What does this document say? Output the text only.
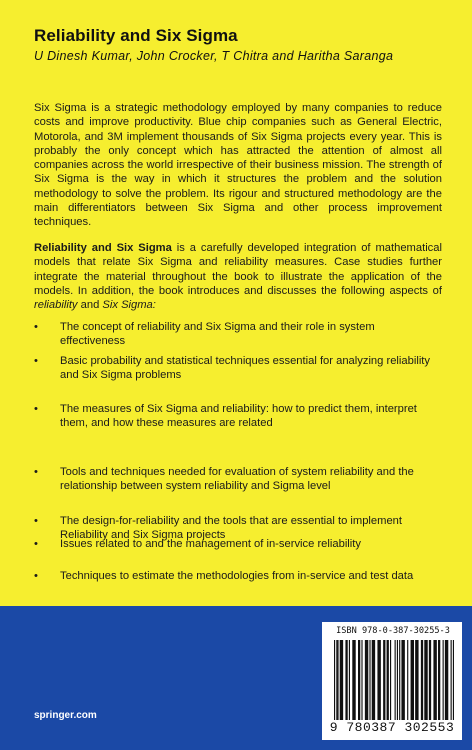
Reliability and Six Sigma
U Dinesh Kumar, John Crocker, T Chitra and Haritha Saranga

Six Sigma is a strategic methodology employed by many companies to reduce costs and improve productivity. Blue chip companies such as General Electric, Motorola, and 3M implement thousands of Six Sigma projects every year. This is probably the only concept which has attracted the attention of almost all companies across the world irrespective of their business mission. The strength of Six Sigma is the way in which it structures the problem and the solution methodology to solve the problem. Its rigour and structured methodology are the main differentiators between Six Sigma and other process improvement techniques.

Reliability and Six Sigma is a carefully developed integration of mathematical models that relate Six Sigma and reliability measures. Case studies further integrate the material throughout the book to illustrate the application of the models. In addition, the book introduces and discusses the following aspects of reliability and Six Sigma:

• The concept of reliability and Six Sigma and their role in system effectiveness
• Basic probability and statistical techniques essential for analyzing reliability and Six Sigma problems
• The measures of Six Sigma and reliability: how to predict them, interpret them, and how these measures are related
• Tools and techniques needed for evaluation of system reliability and the relationship between system reliability and Sigma level
• The design-for-reliability and the tools that are essential to implement Reliability and Six Sigma projects
• Issues related to and the management of in-service reliability
• Techniques to estimate the methodologies from in-service and test data
springer.com
ISBN 978-0-387-30255-3
9 780387 302553
